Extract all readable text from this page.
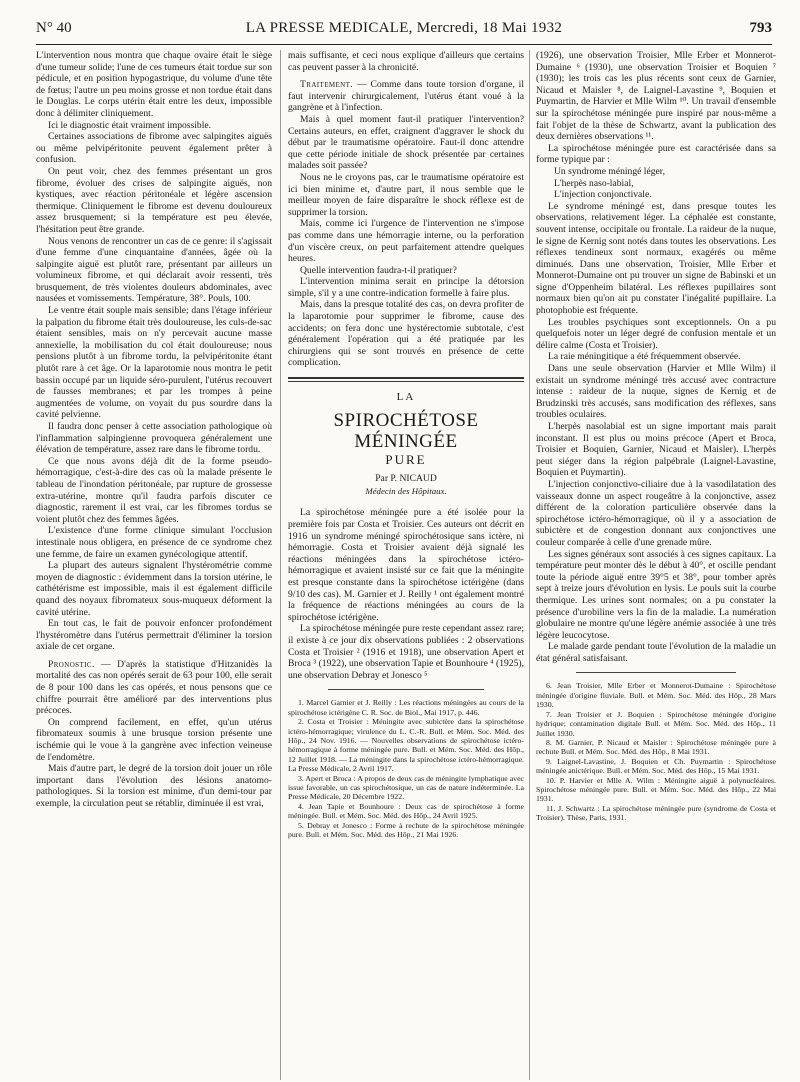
N° 40	LA PRESSE MEDICALE, Mercredi, 18 Mai 1932	793

L'intervention nous montra que chaque ovaire était le siège d'une tumeur solide; l'une de ces tumeurs était tordue sur son pédicule, et en position hypogastrique, du volume d'une tête de fœtus; l'autre un peu moins grosse et non tordue était dans le Douglas. Le corps utérin était entre les deux, impossible donc à délimiter cliniquement.

Ici le diagnostic était vraiment impossible.

Certaines associations de fibrome avec salpingites aiguës ou même pelvipéritonite peuvent également prêter à confusion.

On peut voir, chez des femmes présentant un gros fibrome, évoluer des crises de salpingite aiguës, non kystiques, avec réaction péritonéale et légère ascension thermique. Cliniquement le fibrome est devenu douloureux assez brusquement; si la température est peu élevée, l'hésitation peut être grande.

Nous venons de rencontrer un cas de ce genre: il s'agissait d'une femme d'une cinquantaine d'années, âgée où la salpingite aiguë est plutôt rare, présentant par ailleurs un volumineux fibrome, et qui déclarait avoir ressenti, très brusquement, de très violentes douleurs abdominales, avec nausées et vomissements. Température, 38°. Pouls, 100.

Le ventre était souple mais sensible; dans l'étage inférieur la palpation du fibrome était très douloureuse, les culs-de-sac étaient sensibles, mais on n'y percevait aucune masse annexielle, la mobilisation du col était douloureuse; nous pensions plutôt à un fibrome tordu, la pelvipéritonite étant plutôt rare à cet âge. Or la laparotomie nous montra le petit bassin occupé par un liquide séro-purulent, l'utérus recouvert de fausses membranes; et par les trompes à peine augmentées de volume, on voyait du pus sourdre dans la cavité pelvienne.

Il faudra donc penser à cette association pathologique où l'inflammation salpingienne provoquera généralement une élévation de température, assez rare dans le fibrome tordu.

Ce que nous avons déjà dit de la forme pseudo-hémorragique, c'est-à-dire des cas où la malade présente le tableau de l'inondation péritonéale, par rupture de grossesse extra-utérine, montre qu'il faudra parfois discuter ce diagnostic, rarement il est vrai, car les fibromes tordus se voient plutôt chez des femmes âgées.

L'existence d'une forme clinique simulant l'occlusion intestinale nous obligera, en présence de ce syndrome chez une femme, de faire un examen gynécologique attentif.

La plupart des auteurs signalent l'hystérométrie comme moyen de diagnostic : évidemment dans la torsion utérine, le cathétérisme est impossible, mais il est également difficile quand des noyaux fibromateux sous-muqueux déforment la cavité utérine.

En tout cas, le fait de pouvoir enfoncer profondément l'hystéromètre dans l'utérus permettrait d'éliminer la torsion axiale de cet organe.

Pronostic. — D'après la statistique d'Hitzanidès la mortalité des cas non opérés serait de 63 pour 100, elle serait de 8 pour 100 dans les cas opérés, et nous pensons que ce chiffre pourrait être amélioré par des interventions plus précoces.

On comprend facilement, en effet, qu'un utérus fibromateux soumis à une brusque torsion présente une ischémie qui le voue à la gangrène avec infection veineuse de l'endomètre.

Mais d'autre part, le degré de la torsion doit jouer un rôle important dans l'évolution des lésions anatomo-pathologiques. Si la torsion est minime, d'un demi-tour par exemple, la circulation peut se rétablir, diminuée il est vrai,

mais suffisante, et ceci nous explique d'ailleurs que certains cas peuvent passer à la chronicité.

Traitement. — Comme dans toute torsion d'organe, il faut intervenir chirurgicalement, l'utérus étant voué à la gangrène et à l'infection.

Mais à quel moment faut-il pratiquer l'intervention? Certains auteurs, en effet, craignent d'aggraver le shock du début par le traumatisme opératoire. Faut-il donc attendre que cette période initiale de shock présentée par certaines malades soit passée?

Nous ne le croyons pas, car le traumatisme opératoire est ici bien minime et, d'autre part, il nous semble que le meilleur moyen de faire disparaître le shock réflexe est de supprimer la torsion.

Mais, comme ici l'urgence de l'intervention ne s'impose pas comme dans une hémorragie interne, ou la perforation d'un viscère creux, on peut parfaitement attendre quelques heures.

Quelle intervention faudra-t-il pratiquer?

L'intervention minima serait en principe la détorsion simple, s'il y a une contre-indication formelle à faire plus.

Mais, dans la presque totalité des cas, on devra profiter de la laparotomie pour supprimer le fibrome, cause des accidents; on fera donc une hystérectomie subtotale, c'est généralement l'opération qui a été pratiquée par les chirurgiens qui se sont trouvés en présence de cette complication.

LA
SPIROCHÉTOSE MÉNINGÉE
PURE
Par P. NICAUD
Médecin des Hôpitaux.

La spirochétose méningée pure a été isolée pour la première fois par Costa et Troisier. Ces auteurs ont décrit en 1916 un syndrome méningé spirochétosique sans ictère, ni hémorragie. Costa et Troisier avaient déjà signalé les réactions méningées dans la spirochétose ictéro-hémorragique et avaient insisté sur ce fait que la méningite est presque constante dans la spirochétose ictérigène (dans 9/10 des cas). M. Garnier et J. Reilly ¹ ont également montré la fréquence de réactions méningées au cours de la spirochétose ictérigène.

La spirochétose méningée pure reste cependant assez rare; il existe à ce jour dix observations publiées : 2 observations Costa et Troisier ² (1916 et 1918), une observation Apert et Broca ³ (1922), une observation Tapie et Bounhoure ⁴ (1925), une observation Debray et Jonesco ⁵

1. Marcel Garnier et J. Reilly : Les réactions méningées au cours de la spirochétose ictérigène C. R. Soc. de Biol., Mai 1917, p. 446.

2. Costa et Troisier : Méningite avec subictère dans la spirochétose ictéro-hémorragique; virulence du L. C.-R. Bull. et Mém. Soc. Méd. des Hôp., 24 Nov. 1916. — Nouvelles observations de spirochétose ictéro-hémorragique à forme méningée pure. Bull. et Mém. Soc. Méd. des Hôp., 12 Juillet 1918. — La méningite dans la spirochétose ictéro-hémorragique. La Presse Médicale, 2 Avril 1917.

3. Apert et Broca : A propos de deux cas de méningite lymphatique avec issue favorable, un cas spirochétosique, un cas de nature indéterminée. La Presse Médicale, 20 Décembre 1922.

4. Jean Tapie et Bounhoure : Deux cas de spirochétose à forme méningée. Bull. et Mém. Soc. Méd. des Hôp., 24 Avril 1925.

5. Debray et Jonesco : Forme à rechute de la spirochétose méningée pure. Bull. et Mém. Soc. Méd. des Hôp., 21 Mai 1926.

(1926), une observation Troisier, Mlle Erber et Monnerot-Dumaine ⁶ (1930), une observation Troisier et Boquien ⁷ (1930); les trois cas les plus récents sont ceux de Garnier, Nicaud et Maisler ⁸, de Laignel-Lavastine ⁹, Boquien et Puymartin, de Harvier et Mlle Wilm ¹⁰. Un travail d'ensemble sur la spirochétose méningée pure inspiré par nous-même a fait l'objet de la thèse de Schwartz, avant la publication des deux dernières observations ¹¹.

La spirochétose méningée pure est caractérisée dans sa forme typique par :

Un syndrome méningé léger,

L'herpès naso-labial,

L'injection conjonctivale.

Le syndrome méningé est, dans presque toutes les observations, relativement léger. La céphalée est constante, souvent intense, occipitale ou frontale. La raideur de la nuque, le signe de Kernig sont notés dans toutes les observations. Les réflexes tendineux sont normaux, exagérés ou même diminués. Dans une observation, Troisier, Mlle Erber et Monnerot-Dumaine ont pu trouver un signe de Babinski et un signe d'Oppenheim bilatéral. Les réflexes pupillaires sont normaux bien qu'on ait pu constater l'inégalité pupillaire. La photophobie est fréquente.

Les troubles psychiques sont exceptionnels. On a pu quelquefois noter un léger degré de confusion mentale et un délire calme (Costa et Troisier).

La raie méningitique a été fréquemment observée.

Dans une seule observation (Harvier et Mlle Wilm) il existait un syndrome méningé très accusé avec contracture intense : raideur de la nuque, signes de Kernig et de Brudzinski très accusés, sans modification des réflexes, sans troubles oculaires.

L'herpès nasolabial est un signe important mais parait inconstant. Il est plus ou moins précoce (Apert et Broca, Troisier et Boquien, Garnier, Nicaud et Maisler). L'herpès peut siéger dans la région palpébrale (Laignel-Lavastine, Boquien et Puymartin).

L'injection conjonctivo-ciliaire due à la vasodilatation des vaisseaux donne un aspect rougeâtre à la conjonctive, assez différent de la coloration particulière observée dans la spirochétose ictéro-hémorragique, où il y a association de subictère et de congestion donnant aux conjonctives une couleur comparée à celle d'une grenade mûre.

Les signes généraux sont associés à ces signes capitaux. La température peut monter dès le début à 40°, et oscille pendant toute la période aiguë entre 39°5 et 38°, pour tomber après sept à treize jours d'évolution en lysis. Le pouls suit la courbe thermique. Les urines sont normales; on a pu constater la présence d'urobiline vers la fin de la maladie. La numération globulaire ne montre qu'une légère anémie associée à une très légère leucocytose.

Le malade garde pendant toute l'évolution de la maladie un état général satisfaisant.

6. Jean Troisier, Mlle Erber et Monnerot-Dumaine : Spirochétose méningée d'origine fluviale. Bull. et Mém. Soc. Méd. des Hôp., 28 Mars 1930.

7. Jean Troisier et J. Boquien : Spirochétose méningée d'origine hydrique; contamination digitale Bull. et Mém. Soc. Méd. des Hôp., 11 Juillet 1930.

8. M. Garnier, P. Nicaud et Maisler : Spirochétose méningée pure à rechute Bull. et Mém. Soc. Méd. des Hôp., 8 Mai 1931.

9. Laignel-Lavastine, J. Boquien et Ch. Puymartin : Spirochétose méningée anictérique. Bull. et Mém. Soc. Méd. des Hôp., 15 Mai 1931.

10. P. Harvier et Mlle A. Wilm : Méningite aiguë à polynucléaires. Spirochétose méningée pure. Bull. et Mém. Soc. Méd. des Hôp., 22 Mai 1931.

11. J. Schwartz : La spirochétose méningée pure (syndrome de Costa et Troisier). Thèse, Paris, 1931.
